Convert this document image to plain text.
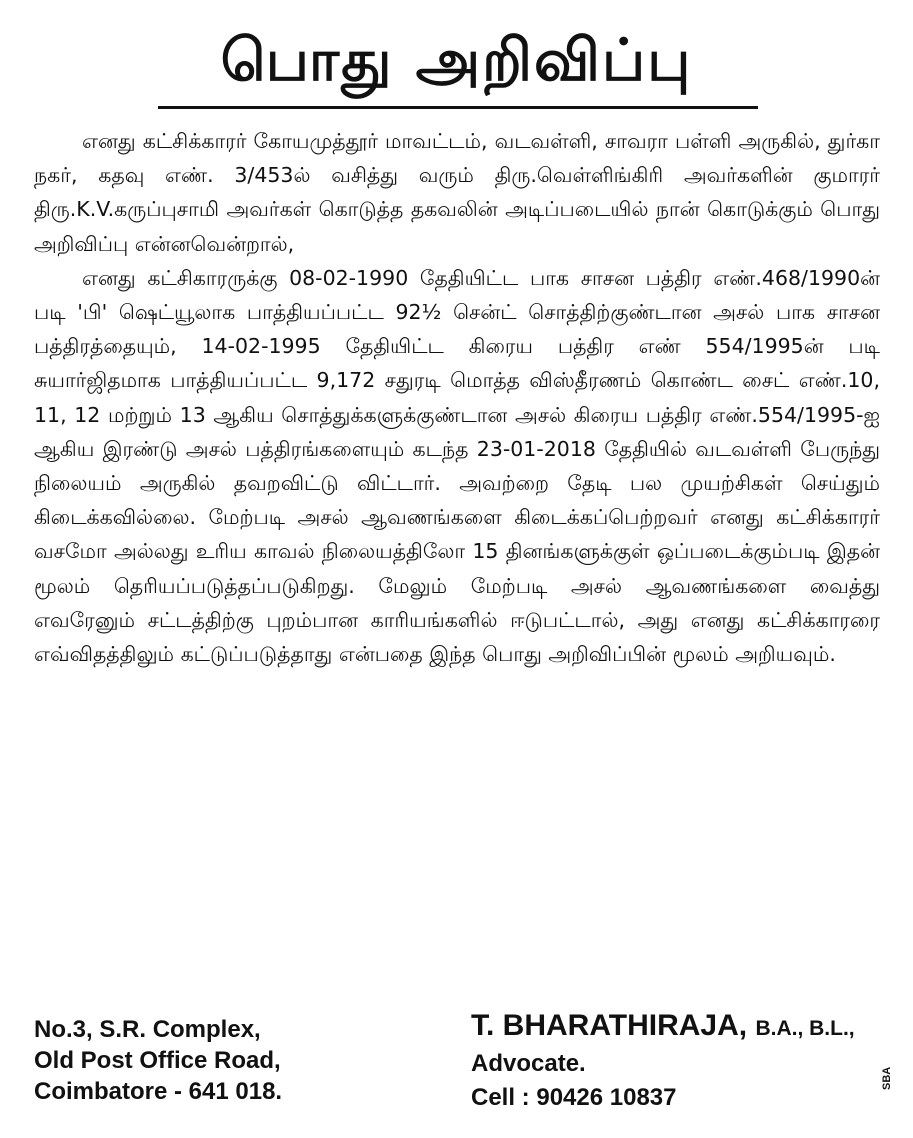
பொது அறிவிப்பு

எனது கட்சிக்காரர் கோயமுத்தூர் மாவட்டம், வடவள்ளி, சாவரா பள்ளி அருகில், துர்கா நகர், கதவு எண். 3/453ல் வசித்து வரும் திரு.வெள்ளிங்கிரி அவர்களின் குமாரர் திரு.K.V.கருப்புசாமி அவர்கள் கொடுத்த தகவலின் அடிப்படையில் நான் கொடுக்கும் பொது அறிவிப்பு என்னவென்றால்,

எனது கட்சிகாரருக்கு 08-02-1990 தேதியிட்ட பாக சாசன பத்திர எண்.468/1990ன் படி 'பி' ஷெட்யூலாக பாத்தியப்பட்ட 92½ சென்ட் சொத்திற்குண்டான அசல் பாக சாசன பத்திரத்தையும், 14-02-1995 தேதியிட்ட கிரைய பத்திர எண் 554/1995ன் படி சுயார்ஜிதமாக பாத்தியப்பட்ட 9,172 சதுரடி மொத்த விஸ்தீரணம் கொண்ட சைட் எண்.10, 11, 12 மற்றும் 13 ஆகிய சொத்துக்களுக்குண்டான அசல் கிரைய பத்திர எண்.554/1995-ஐ ஆகிய இரண்டு அசல் பத்திரங்களையும் கடந்த 23-01-2018 தேதியில் வடவள்ளி பேருந்து நிலையம் அருகில் தவறவிட்டு விட்டார். அவற்றை தேடி பல முயற்சிகள் செய்தும் கிடைக்கவில்லை. மேற்படி அசல் ஆவணங்களை கிடைக்கப்பெற்றவர் எனது கட்சிக்காரர் வசமோ அல்லது உரிய காவல் நிலையத்திலோ 15 தினங்களுக்குள் ஒப்படைக்கும்படி இதன் மூலம் தெரியப்படுத்தப்படுகிறது. மேலும் மேற்படி அசல் ஆவணங்களை வைத்து எவரேனும் சட்டத்திற்கு புறம்பான காரியங்களில் ஈடுபட்டால், அது எனது கட்சிக்காரரை எவ்விதத்திலும் கட்டுப்படுத்தாது என்பதை இந்த பொது அறிவிப்பின் மூலம் அறியவும்.

No.3, S.R. Complex,
Old Post Office Road,
Coimbatore - 641 018.
T. BHARATHIRAJA, B.A., B.L.,
Advocate.
Cell : 90426 10837
SBA
